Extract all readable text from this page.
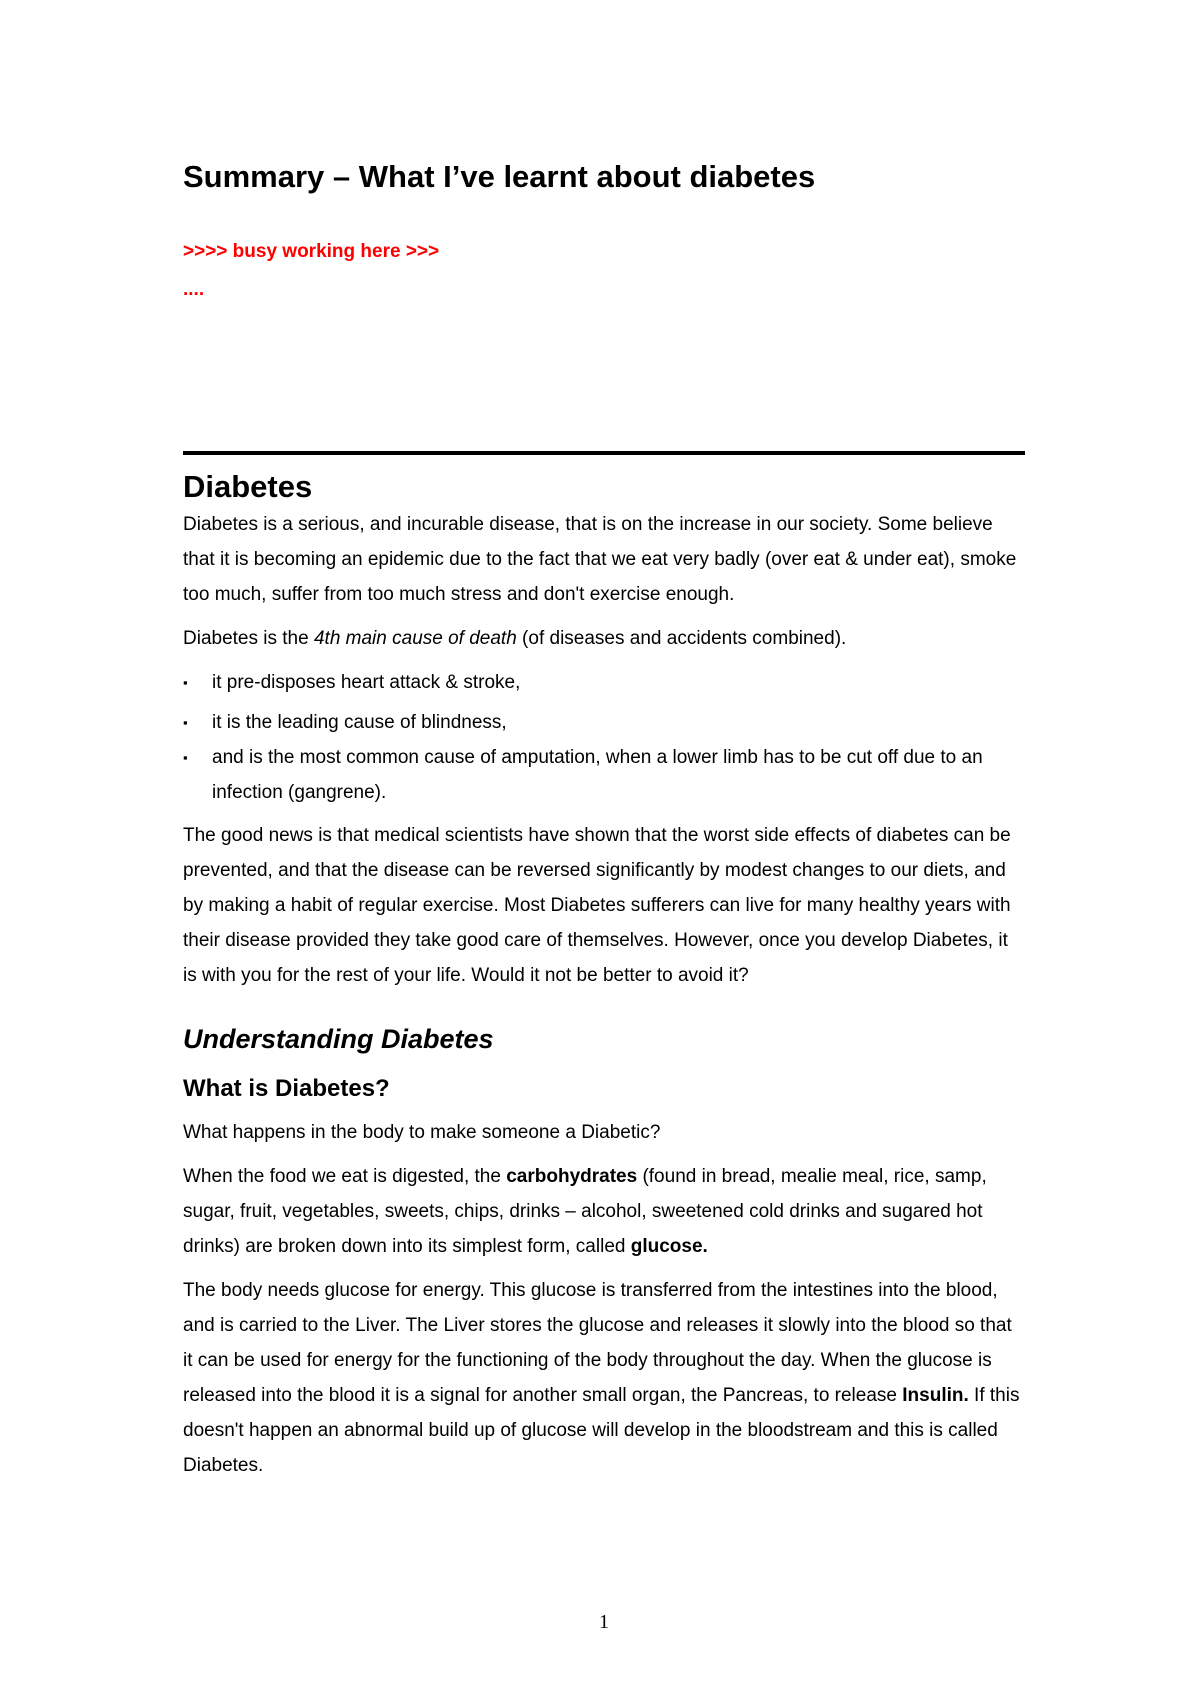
Summary – What I’ve learnt about diabetes

>>>> busy working here >>>

....

Diabetes

Diabetes is a serious, and incurable disease, that is on the increase in our society. Some believe that it is becoming an epidemic due to the fact that we eat very badly (over eat & under eat), smoke too much, suffer from too much stress and don't exercise enough.

Diabetes is the 4th main cause of death (of diseases and accidents combined).

▪ it pre-disposes heart attack & stroke,
▪ it is the leading cause of blindness,
▪ and is the most common cause of amputation, when a lower limb has to be cut off due to an infection (gangrene).

The good news is that medical scientists have shown that the worst side effects of diabetes can be prevented, and that the disease can be reversed significantly by modest changes to our diets, and by making a habit of regular exercise. Most Diabetes sufferers can live for many healthy years with their disease provided they take good care of themselves. However, once you develop Diabetes, it is with you for the rest of your life. Would it not be better to avoid it?

Understanding Diabetes
What is Diabetes?

What happens in the body to make someone a Diabetic?

When the food we eat is digested, the carbohydrates (found in bread, mealie meal, rice, samp, sugar, fruit, vegetables, sweets, chips, drinks – alcohol, sweetened cold drinks and sugared hot drinks) are broken down into its simplest form, called glucose.

The body needs glucose for energy. This glucose is transferred from the intestines into the blood, and is carried to the Liver. The Liver stores the glucose and releases it slowly into the blood so that it can be used for energy for the functioning of the body throughout the day. When the glucose is released into the blood it is a signal for another small organ, the Pancreas, to release Insulin. If this doesn't happen an abnormal build up of glucose will develop in the bloodstream and this is called Diabetes.

1
